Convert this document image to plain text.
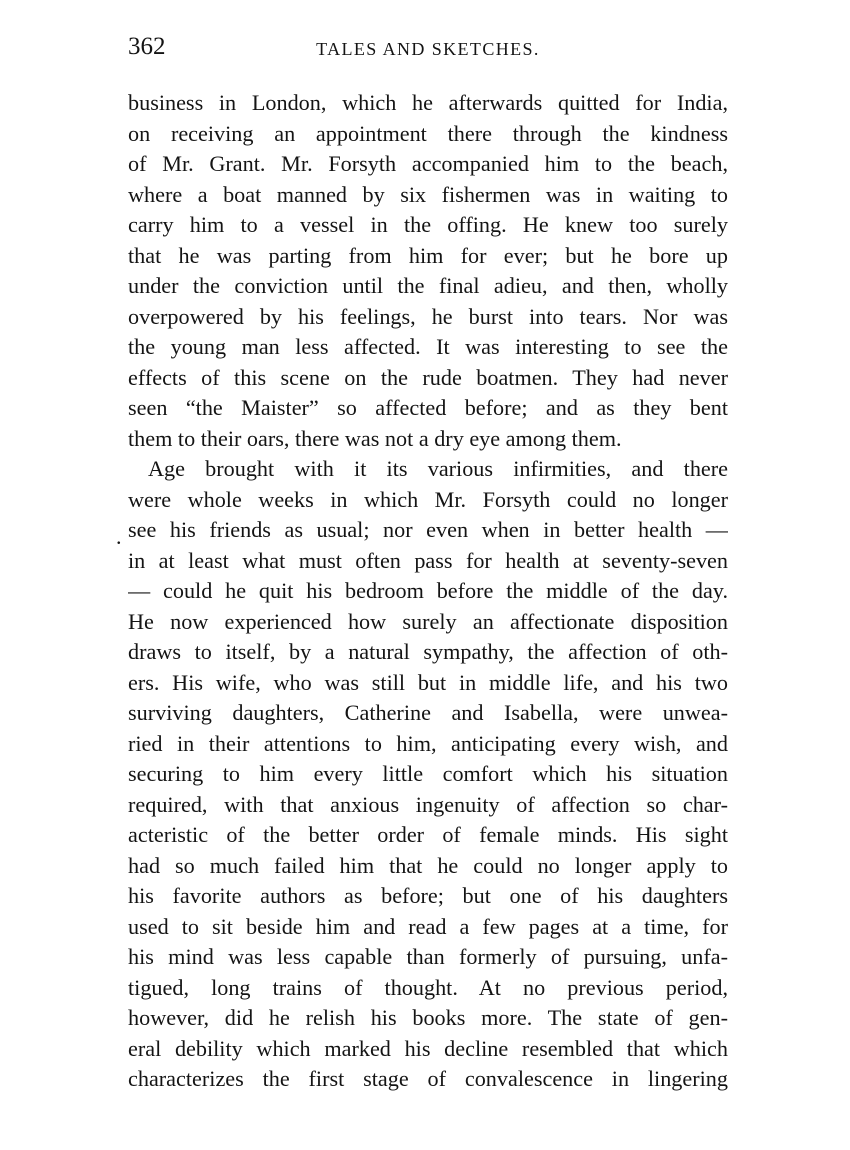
362	TALES AND SKETCHES.
.
business in London, which he afterwards quitted for India,
on receiving an appointment there through the kindness
of Mr. Grant. Mr. Forsyth accompanied him to the beach,
where a boat manned by six fishermen was in waiting to
carry him to a vessel in the offing. He knew too surely
that he was parting from him for ever; but he bore up
under the conviction until the final adieu, and then, wholly
overpowered by his feelings, he burst into tears. Nor was
the young man less affected. It was interesting to see the
effects of this scene on the rude boatmen. They had never
seen “the Maister” so affected before; and as they bent
them to their oars, there was not a dry eye among them.
Age brought with it its various infirmities, and there
were whole weeks in which Mr. Forsyth could no longer
see his friends as usual; nor even when in better health —
in at least what must often pass for health at seventy-seven
— could he quit his bedroom before the middle of the day.
He now experienced how surely an affectionate disposition
draws to itself, by a natural sympathy, the affection of oth-
ers. His wife, who was still but in middle life, and his two
surviving daughters, Catherine and Isabella, were unwea-
ried in their attentions to him, anticipating every wish, and
securing to him every little comfort which his situation
required, with that anxious ingenuity of affection so char-
acteristic of the better order of female minds. His sight
had so much failed him that he could no longer apply to
his favorite authors as before; but one of his daughters
used to sit beside him and read a few pages at a time, for
his mind was less capable than formerly of pursuing, unfa-
tigued, long trains of thought. At no previous period,
however, did he relish his books more. The state of gen-
eral debility which marked his decline resembled that which
characterizes the first stage of convalescence in lingering
